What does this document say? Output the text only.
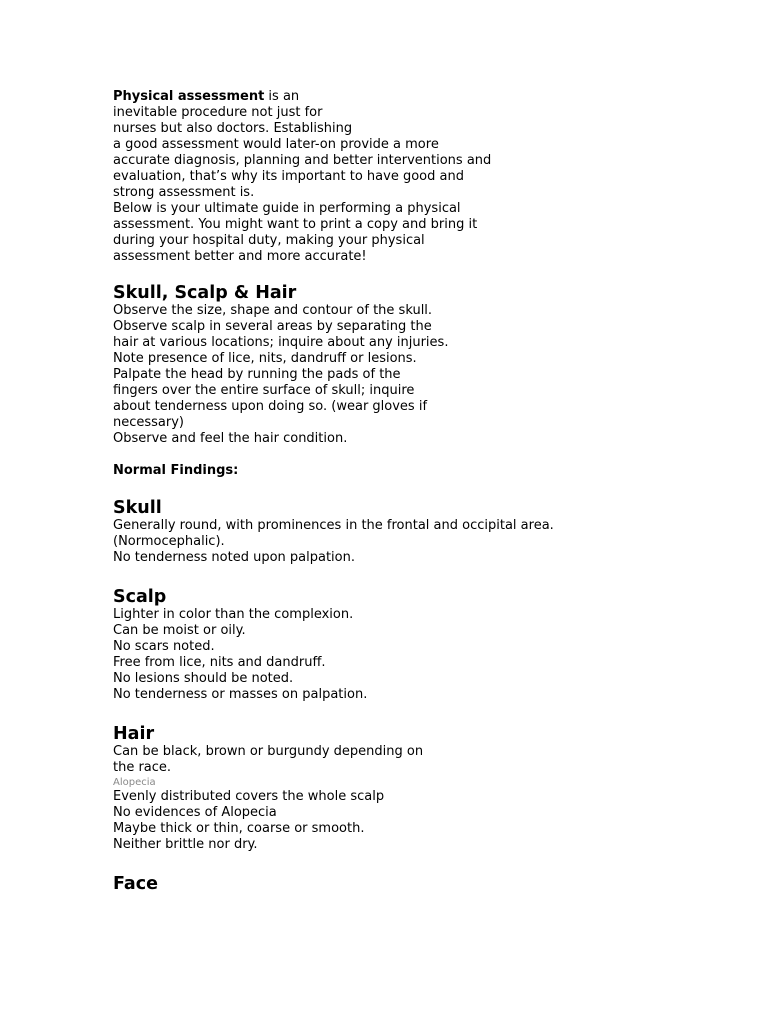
Physical assessment is an
inevitable procedure not just for
nurses but also doctors. Establishing
a good assessment would later-on provide a more
accurate diagnosis, planning and better interventions and
evaluation, that’s why its important to have good and
strong assessment is.
Below is your ultimate guide in performing a physical
assessment. You might want to print a copy and bring it
during your hospital duty, making your physical
assessment better and more accurate!
Skull, Scalp & Hair
Observe the size, shape and contour of the skull.
Observe scalp in several areas by separating the
hair at various locations; inquire about any injuries.
Note presence of lice, nits, dandruff or lesions.
Palpate the head by running the pads of the
fingers over the entire surface of skull; inquire
about tenderness upon doing so. (wear gloves if
necessary)
Observe and feel the hair condition.
Normal Findings:
Skull
Generally round, with prominences in the frontal and occipital area.
(Normocephalic).
No tenderness noted upon palpation.
Scalp
Lighter in color than the complexion.
Can be moist or oily.
No scars noted.
Free from lice, nits and dandruff.
No lesions should be noted.
No tenderness or masses on palpation.
Hair
Can be black, brown or burgundy depending on
the race.
Alopecia
Evenly distributed covers the whole scalp
No evidences of Alopecia
Maybe thick or thin, coarse or smooth.
Neither brittle nor dry.
Face
